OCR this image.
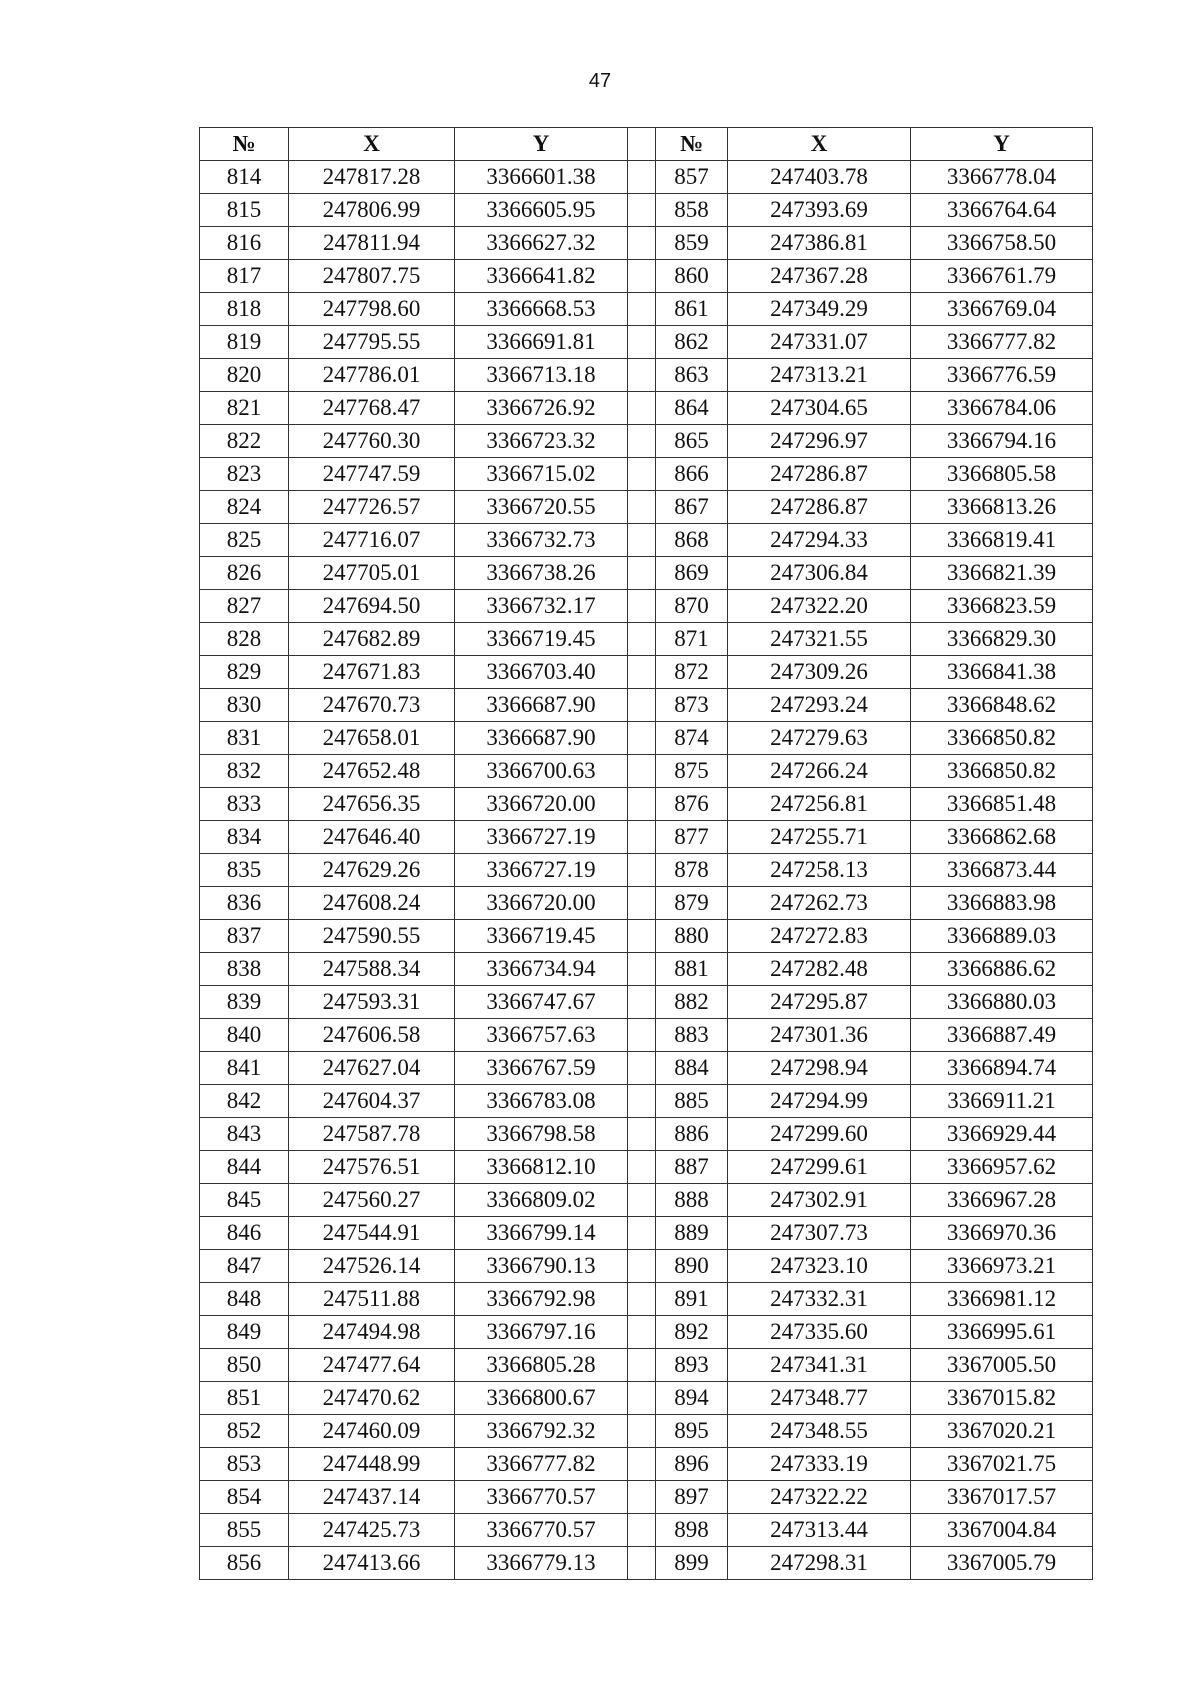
47
№	X	Y		№	X	Y
814	247817.28	3366601.38		857	247403.78	3366778.04
815	247806.99	3366605.95		858	247393.69	3366764.64
816	247811.94	3366627.32		859	247386.81	3366758.50
817	247807.75	3366641.82		860	247367.28	3366761.79
818	247798.60	3366668.53		861	247349.29	3366769.04
819	247795.55	3366691.81		862	247331.07	3366777.82
820	247786.01	3366713.18		863	247313.21	3366776.59
821	247768.47	3366726.92		864	247304.65	3366784.06
822	247760.30	3366723.32		865	247296.97	3366794.16
823	247747.59	3366715.02		866	247286.87	3366805.58
824	247726.57	3366720.55		867	247286.87	3366813.26
825	247716.07	3366732.73		868	247294.33	3366819.41
826	247705.01	3366738.26		869	247306.84	3366821.39
827	247694.50	3366732.17		870	247322.20	3366823.59
828	247682.89	3366719.45		871	247321.55	3366829.30
829	247671.83	3366703.40		872	247309.26	3366841.38
830	247670.73	3366687.90		873	247293.24	3366848.62
831	247658.01	3366687.90		874	247279.63	3366850.82
832	247652.48	3366700.63		875	247266.24	3366850.82
833	247656.35	3366720.00		876	247256.81	3366851.48
834	247646.40	3366727.19		877	247255.71	3366862.68
835	247629.26	3366727.19		878	247258.13	3366873.44
836	247608.24	3366720.00		879	247262.73	3366883.98
837	247590.55	3366719.45		880	247272.83	3366889.03
838	247588.34	3366734.94		881	247282.48	3366886.62
839	247593.31	3366747.67		882	247295.87	3366880.03
840	247606.58	3366757.63		883	247301.36	3366887.49
841	247627.04	3366767.59		884	247298.94	3366894.74
842	247604.37	3366783.08		885	247294.99	3366911.21
843	247587.78	3366798.58		886	247299.60	3366929.44
844	247576.51	3366812.10		887	247299.61	3366957.62
845	247560.27	3366809.02		888	247302.91	3366967.28
846	247544.91	3366799.14		889	247307.73	3366970.36
847	247526.14	3366790.13		890	247323.10	3366973.21
848	247511.88	3366792.98		891	247332.31	3366981.12
849	247494.98	3366797.16		892	247335.60	3366995.61
850	247477.64	3366805.28		893	247341.31	3367005.50
851	247470.62	3366800.67		894	247348.77	3367015.82
852	247460.09	3366792.32		895	247348.55	3367020.21
853	247448.99	3366777.82		896	247333.19	3367021.75
854	247437.14	3366770.57		897	247322.22	3367017.57
855	247425.73	3366770.57		898	247313.44	3367004.84
856	247413.66	3366779.13		899	247298.31	3367005.79
